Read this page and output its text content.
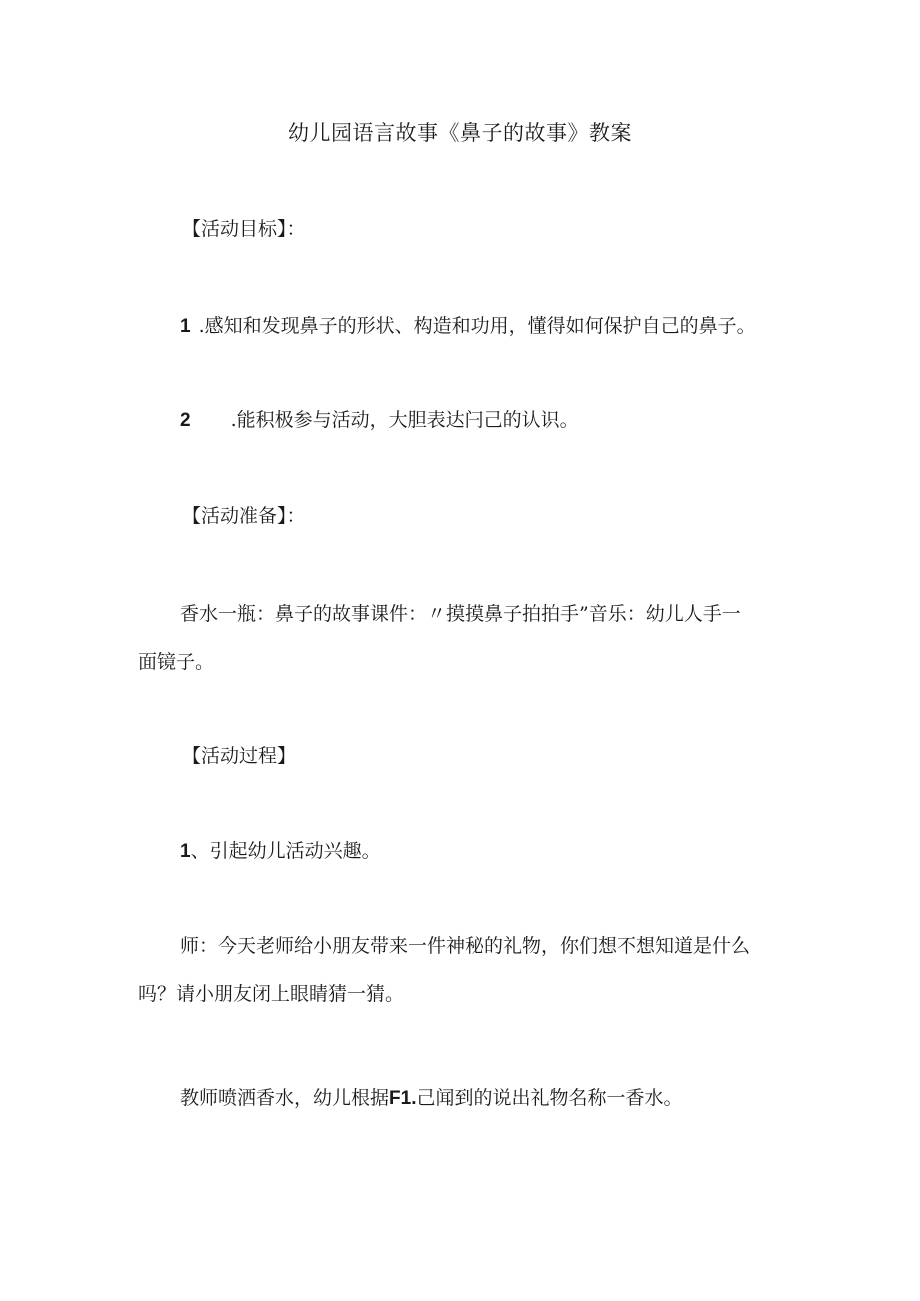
幼儿园语言故事《鼻子的故事》教案
【活动目标】：
1 .感知和发现鼻子的形状、构造和功用，懂得如何保护自己的鼻子。
2 .能积极参与活动，大胆表达闩己的认识。
【活动准备】：
香水一瓶：鼻子的故事课件：〃摸摸鼻子拍拍手”音乐：幼儿人手一
面镜子。
【活动过程】
1、引起幼儿活动兴趣。
师：今天老师给小朋友带来一件神秘的礼物，你们想不想知道是什么
吗？请小朋友闭上眼睛猜一猜。
教师喷洒香水，幼儿根据F1.己闻到的说出礼物名称一香水。
